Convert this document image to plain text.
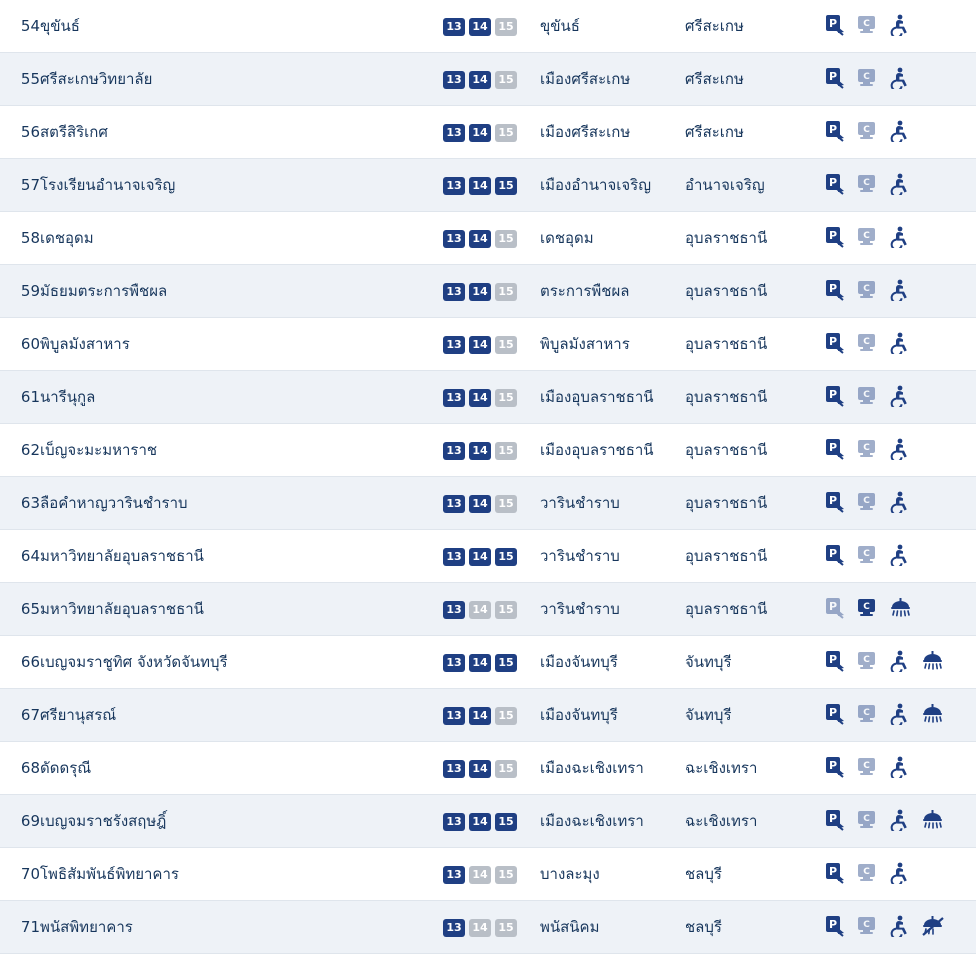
54	ขุขันธ์	13 14 15	ขุขันธ์	ศรีสะเกษ	P C

55	ศรีสะเกษวิทยาลัย	13 14 15	เมืองศรีสะเกษ	ศรีสะเกษ	P C

56	สตรีสิริเกศ	13 14 15	เมืองศรีสะเกษ	ศรีสะเกษ	P C

57	โรงเรียนอำนาจเจริญ	13 14 15	เมืองอำนาจเจริญ	อำนาจเจริญ	P C

58	เดชอุดม	13 14 15	เดชอุดม	อุบลราชธานี	P C

59	มัธยมตระการพืชผล	13 14 15	ตระการพืชผล	อุบลราชธานี	P C

60	พิบูลมังสาหาร	13 14 15	พิบูลมังสาหาร	อุบลราชธานี	P C

61	นารีนุกูล	13 14 15	เมืองอุบลราชธานี	อุบลราชธานี	P C

62	เบ็ญจะมะมหาราช	13 14 15	เมืองอุบลราชธานี	อุบลราชธานี	P C

63	ลือคำหาญวารินชำราบ	13 14 15	วารินชำราบ	อุบลราชธานี	P C

64	มหาวิทยาลัยอุบลราชธานี	13 14 15	วารินชำราบ	อุบลราชธานี	P C

65	มหาวิทยาลัยอุบลราชธานี	13 14 15	วารินชำราบ	อุบลราชธานี	P C

66	เบญจมราชูทิศ จังหวัดจันทบุรี	13 14 15	เมืองจันทบุรี	จันทบุรี	P C

67	ศรียานุสรณ์	13 14 15	เมืองจันทบุรี	จันทบุรี	P C

68	ดัดดรุณี	13 14 15	เมืองฉะเชิงเทรา	ฉะเชิงเทรา	P C

69	เบญจมราชรังสฤษฎิ์	13 14 15	เมืองฉะเชิงเทรา	ฉะเชิงเทรา	P C

70	โพธิสัมพันธ์พิทยาคาร	13 14 15	บางละมุง	ชลบุรี	P C

71	พนัสพิทยาคาร	13 14 15	พนัสนิคม	ชลบุรี	P C
